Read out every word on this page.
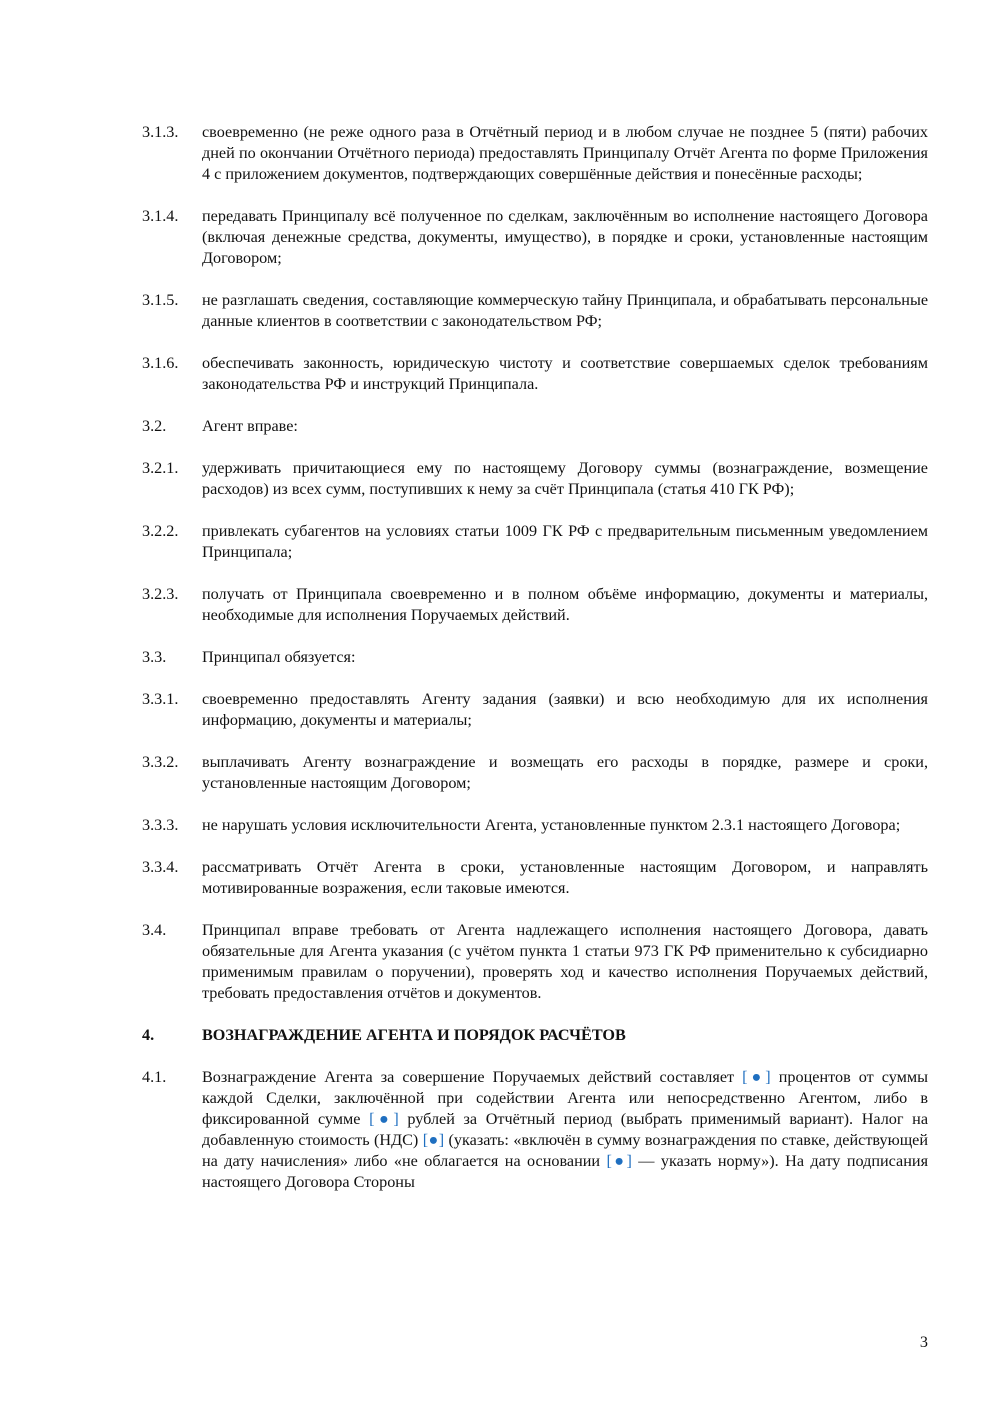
3.1.3.	своевременно (не реже одного раза в Отчётный период и в любом случае не позднее 5 (пяти) рабочих дней по окончании Отчётного периода) предоставлять Принципалу Отчёт Агента по форме Приложения 4 с приложением документов, подтверждающих совершённые действия и понесённые расходы;
3.1.4.	передавать Принципалу всё полученное по сделкам, заключённым во исполнение настоящего Договора (включая денежные средства, документы, имущество), в порядке и сроки, установленные настоящим Договором;
3.1.5.	не разглашать сведения, составляющие коммерческую тайну Принципала, и обрабатывать персональные данные клиентов в соответствии с законодательством РФ;
3.1.6.	обеспечивать законность, юридическую чистоту и соответствие совершаемых сделок требованиям законодательства РФ и инструкций Принципала.
3.2.	Агент вправе:
3.2.1.	удерживать причитающиеся ему по настоящему Договору суммы (вознаграждение, возмещение расходов) из всех сумм, поступивших к нему за счёт Принципала (статья 410 ГК РФ);
3.2.2.	привлекать субагентов на условиях статьи 1009 ГК РФ с предварительным письменным уведомлением Принципала;
3.2.3.	получать от Принципала своевременно и в полном объёме информацию, документы и материалы, необходимые для исполнения Поручаемых действий.
3.3.	Принципал обязуется:
3.3.1.	своевременно предоставлять Агенту задания (заявки) и всю необходимую для их исполнения информацию, документы и материалы;
3.3.2.	выплачивать Агенту вознаграждение и возмещать его расходы в порядке, размере и сроки, установленные настоящим Договором;
3.3.3.	не нарушать условия исключительности Агента, установленные пунктом 2.3.1 настоящего Договора;
3.3.4.	рассматривать Отчёт Агента в сроки, установленные настоящим Договором, и направлять мотивированные возражения, если таковые имеются.
3.4.	Принципал вправе требовать от Агента надлежащего исполнения настоящего Договора, давать обязательные для Агента указания (с учётом пункта 1 статьи 973 ГК РФ применительно к субсидиарно применимым правилам о поручении), проверять ход и качество исполнения Поручаемых действий, требовать предоставления отчётов и документов.
4.	ВОЗНАГРАЖДЕНИЕ АГЕНТА И ПОРЯДОК РАСЧЁТОВ
4.1.	Вознаграждение Агента за совершение Поручаемых действий составляет [●] процентов от суммы каждой Сделки, заключённой при содействии Агента или непосредственно Агентом, либо в фиксированной сумме [●] рублей за Отчётный период (выбрать применимый вариант). Налог на добавленную стоимость (НДС) [●] (указать: «включён в сумму вознаграждения по ставке, действующей на дату начисления» либо «не облагается на основании [●] — указать норму»). На дату подписания настоящего Договора Стороны
3
